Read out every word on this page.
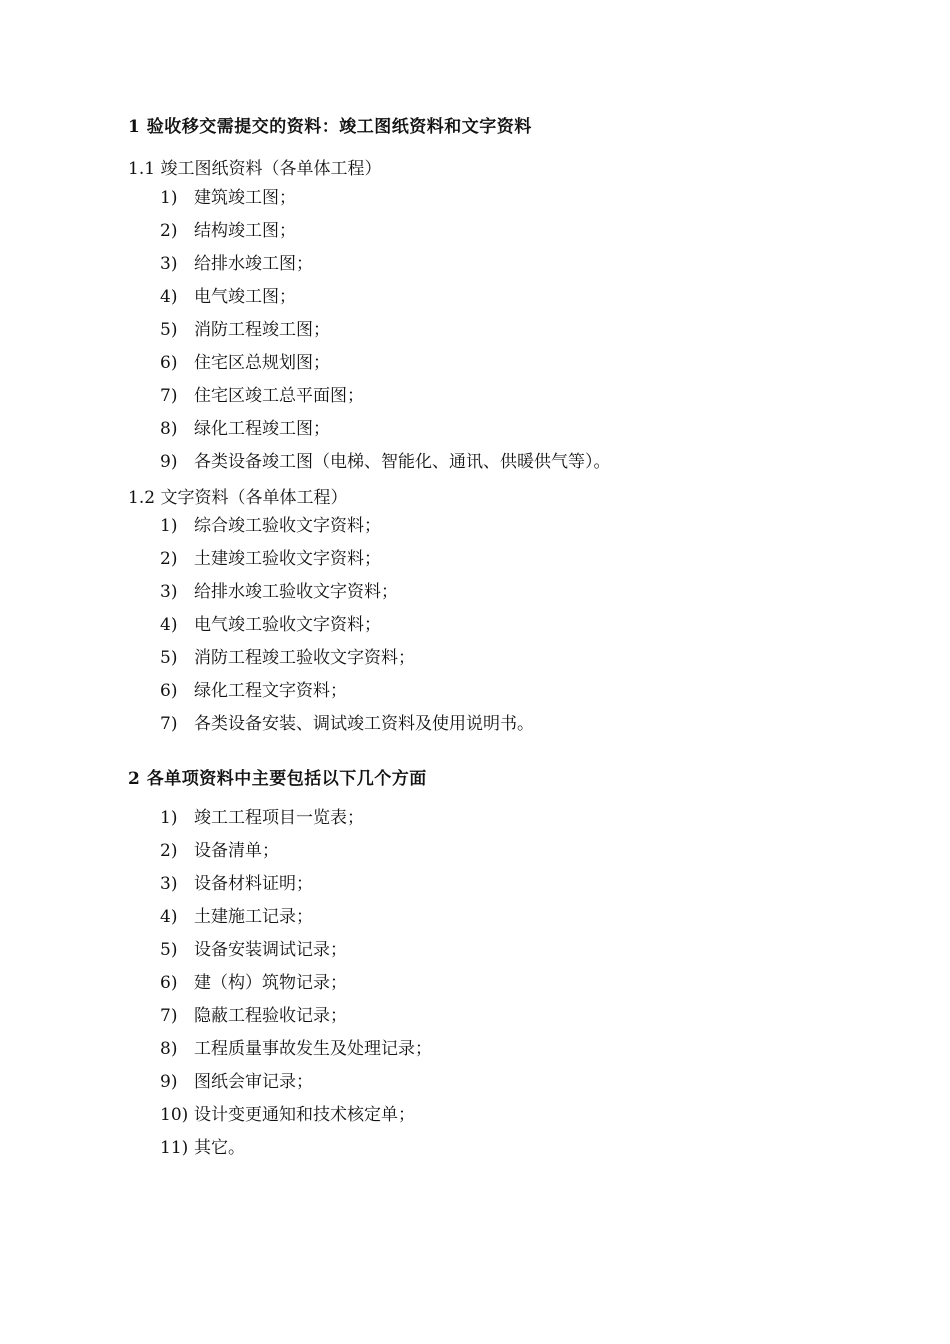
1 验收移交需提交的资料：竣工图纸资料和文字资料
1.1 竣工图纸资料（各单体工程）
1) 建筑竣工图；
2) 结构竣工图；
3) 给排水竣工图；
4) 电气竣工图；
5) 消防工程竣工图；
6) 住宅区总规划图；
7) 住宅区竣工总平面图；
8) 绿化工程竣工图；
9) 各类设备竣工图（电梯、智能化、通讯、供暖供气等）。
1.2 文字资料（各单体工程）
1) 综合竣工验收文字资料；
2) 土建竣工验收文字资料；
3) 给排水竣工验收文字资料；
4) 电气竣工验收文字资料；
5) 消防工程竣工验收文字资料；
6) 绿化工程文字资料；
7) 各类设备安装、调试竣工资料及使用说明书。
2 各单项资料中主要包括以下几个方面
1) 竣工工程项目一览表；
2) 设备清单；
3) 设备材料证明；
4) 土建施工记录；
5) 设备安装调试记录；
6) 建（构）筑物记录；
7) 隐蔽工程验收记录；
8) 工程质量事故发生及处理记录；
9) 图纸会审记录；
10) 设计变更通知和技术核定单；
11) 其它。
